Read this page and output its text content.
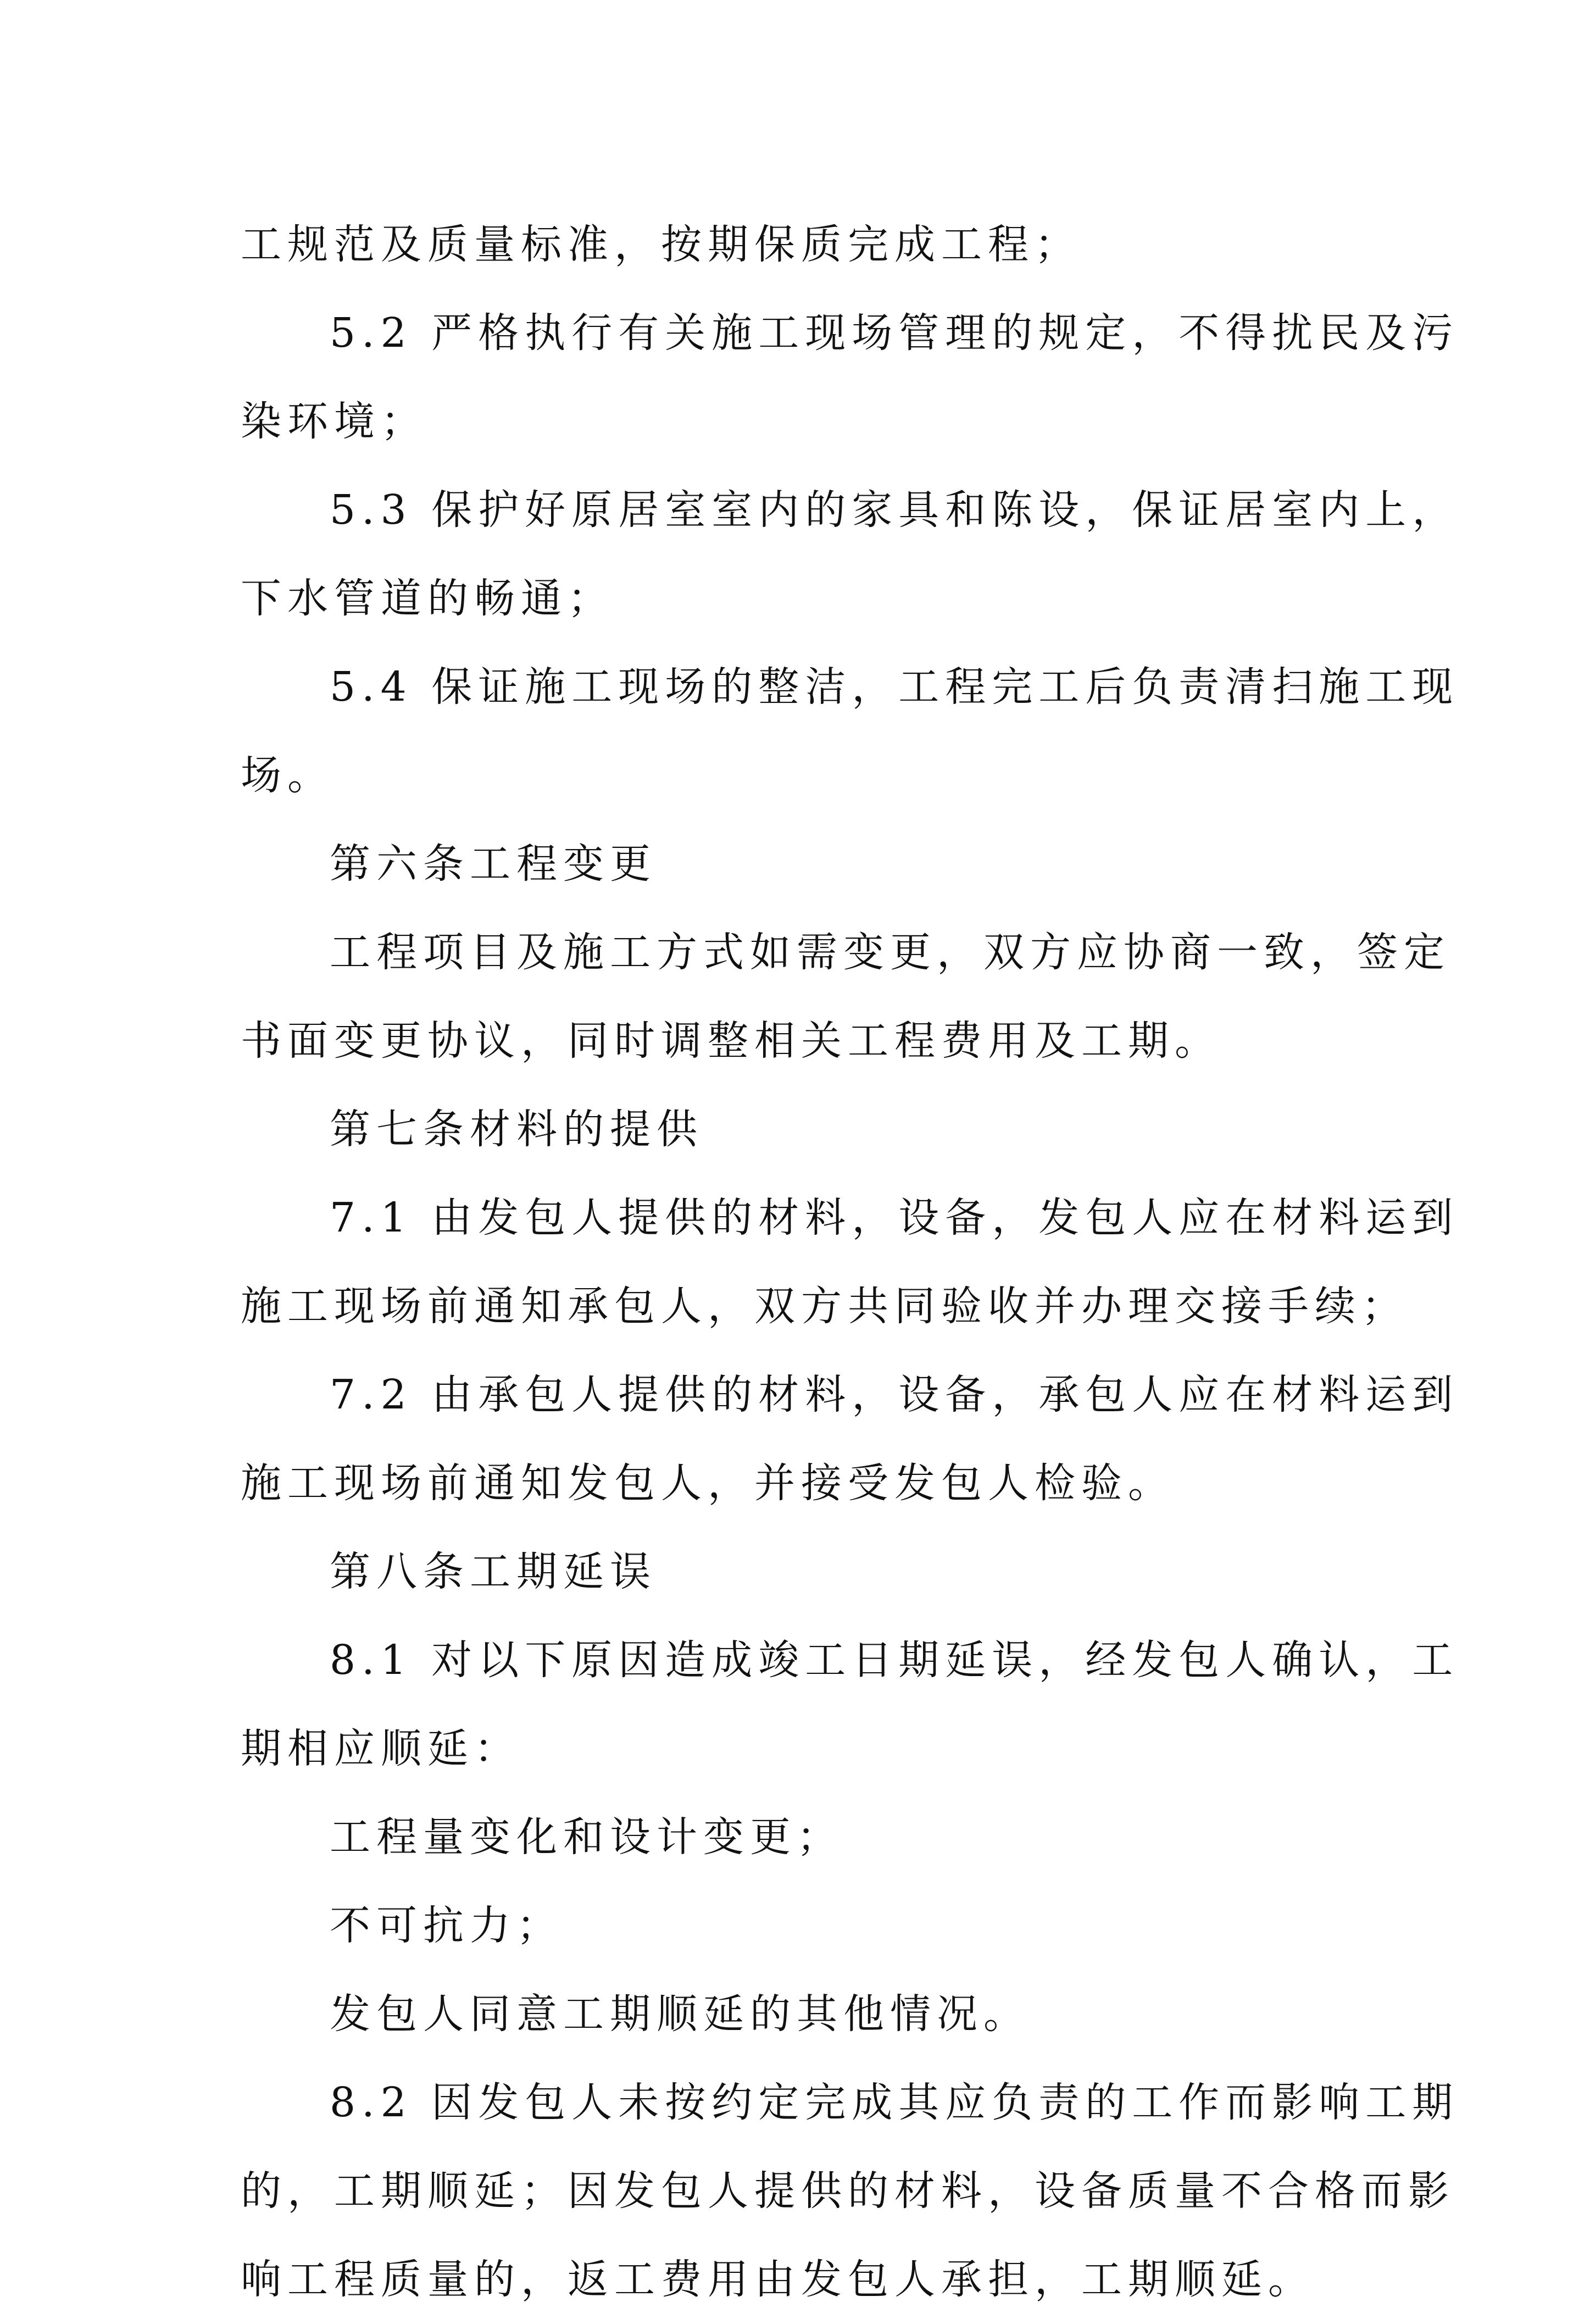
工规范及质量标准，按期保质完成工程；
5.2 严格执行有关施工现场管理的规定，不得扰民及污
染环境；
5.3 保护好原居室室内的家具和陈设，保证居室内上，
下水管道的畅通；
5.4 保证施工现场的整洁，工程完工后负责清扫施工现
场。
第六条工程变更
工程项目及施工方式如需变更，双方应协商一致，签定
书面变更协议，同时调整相关工程费用及工期。
第七条材料的提供
7.1 由发包人提供的材料，设备，发包人应在材料运到
施工现场前通知承包人，双方共同验收并办理交接手续；
7.2 由承包人提供的材料，设备，承包人应在材料运到
施工现场前通知发包人，并接受发包人检验。
第八条工期延误
8.1 对以下原因造成竣工日期延误，经发包人确认，工
期相应顺延：
工程量变化和设计变更；
不可抗力；
发包人同意工期顺延的其他情况。
8.2 因发包人未按约定完成其应负责的工作而影响工期
的，工期顺延；因发包人提供的材料，设备质量不合格而影
响工程质量的，返工费用由发包人承担，工期顺延。
